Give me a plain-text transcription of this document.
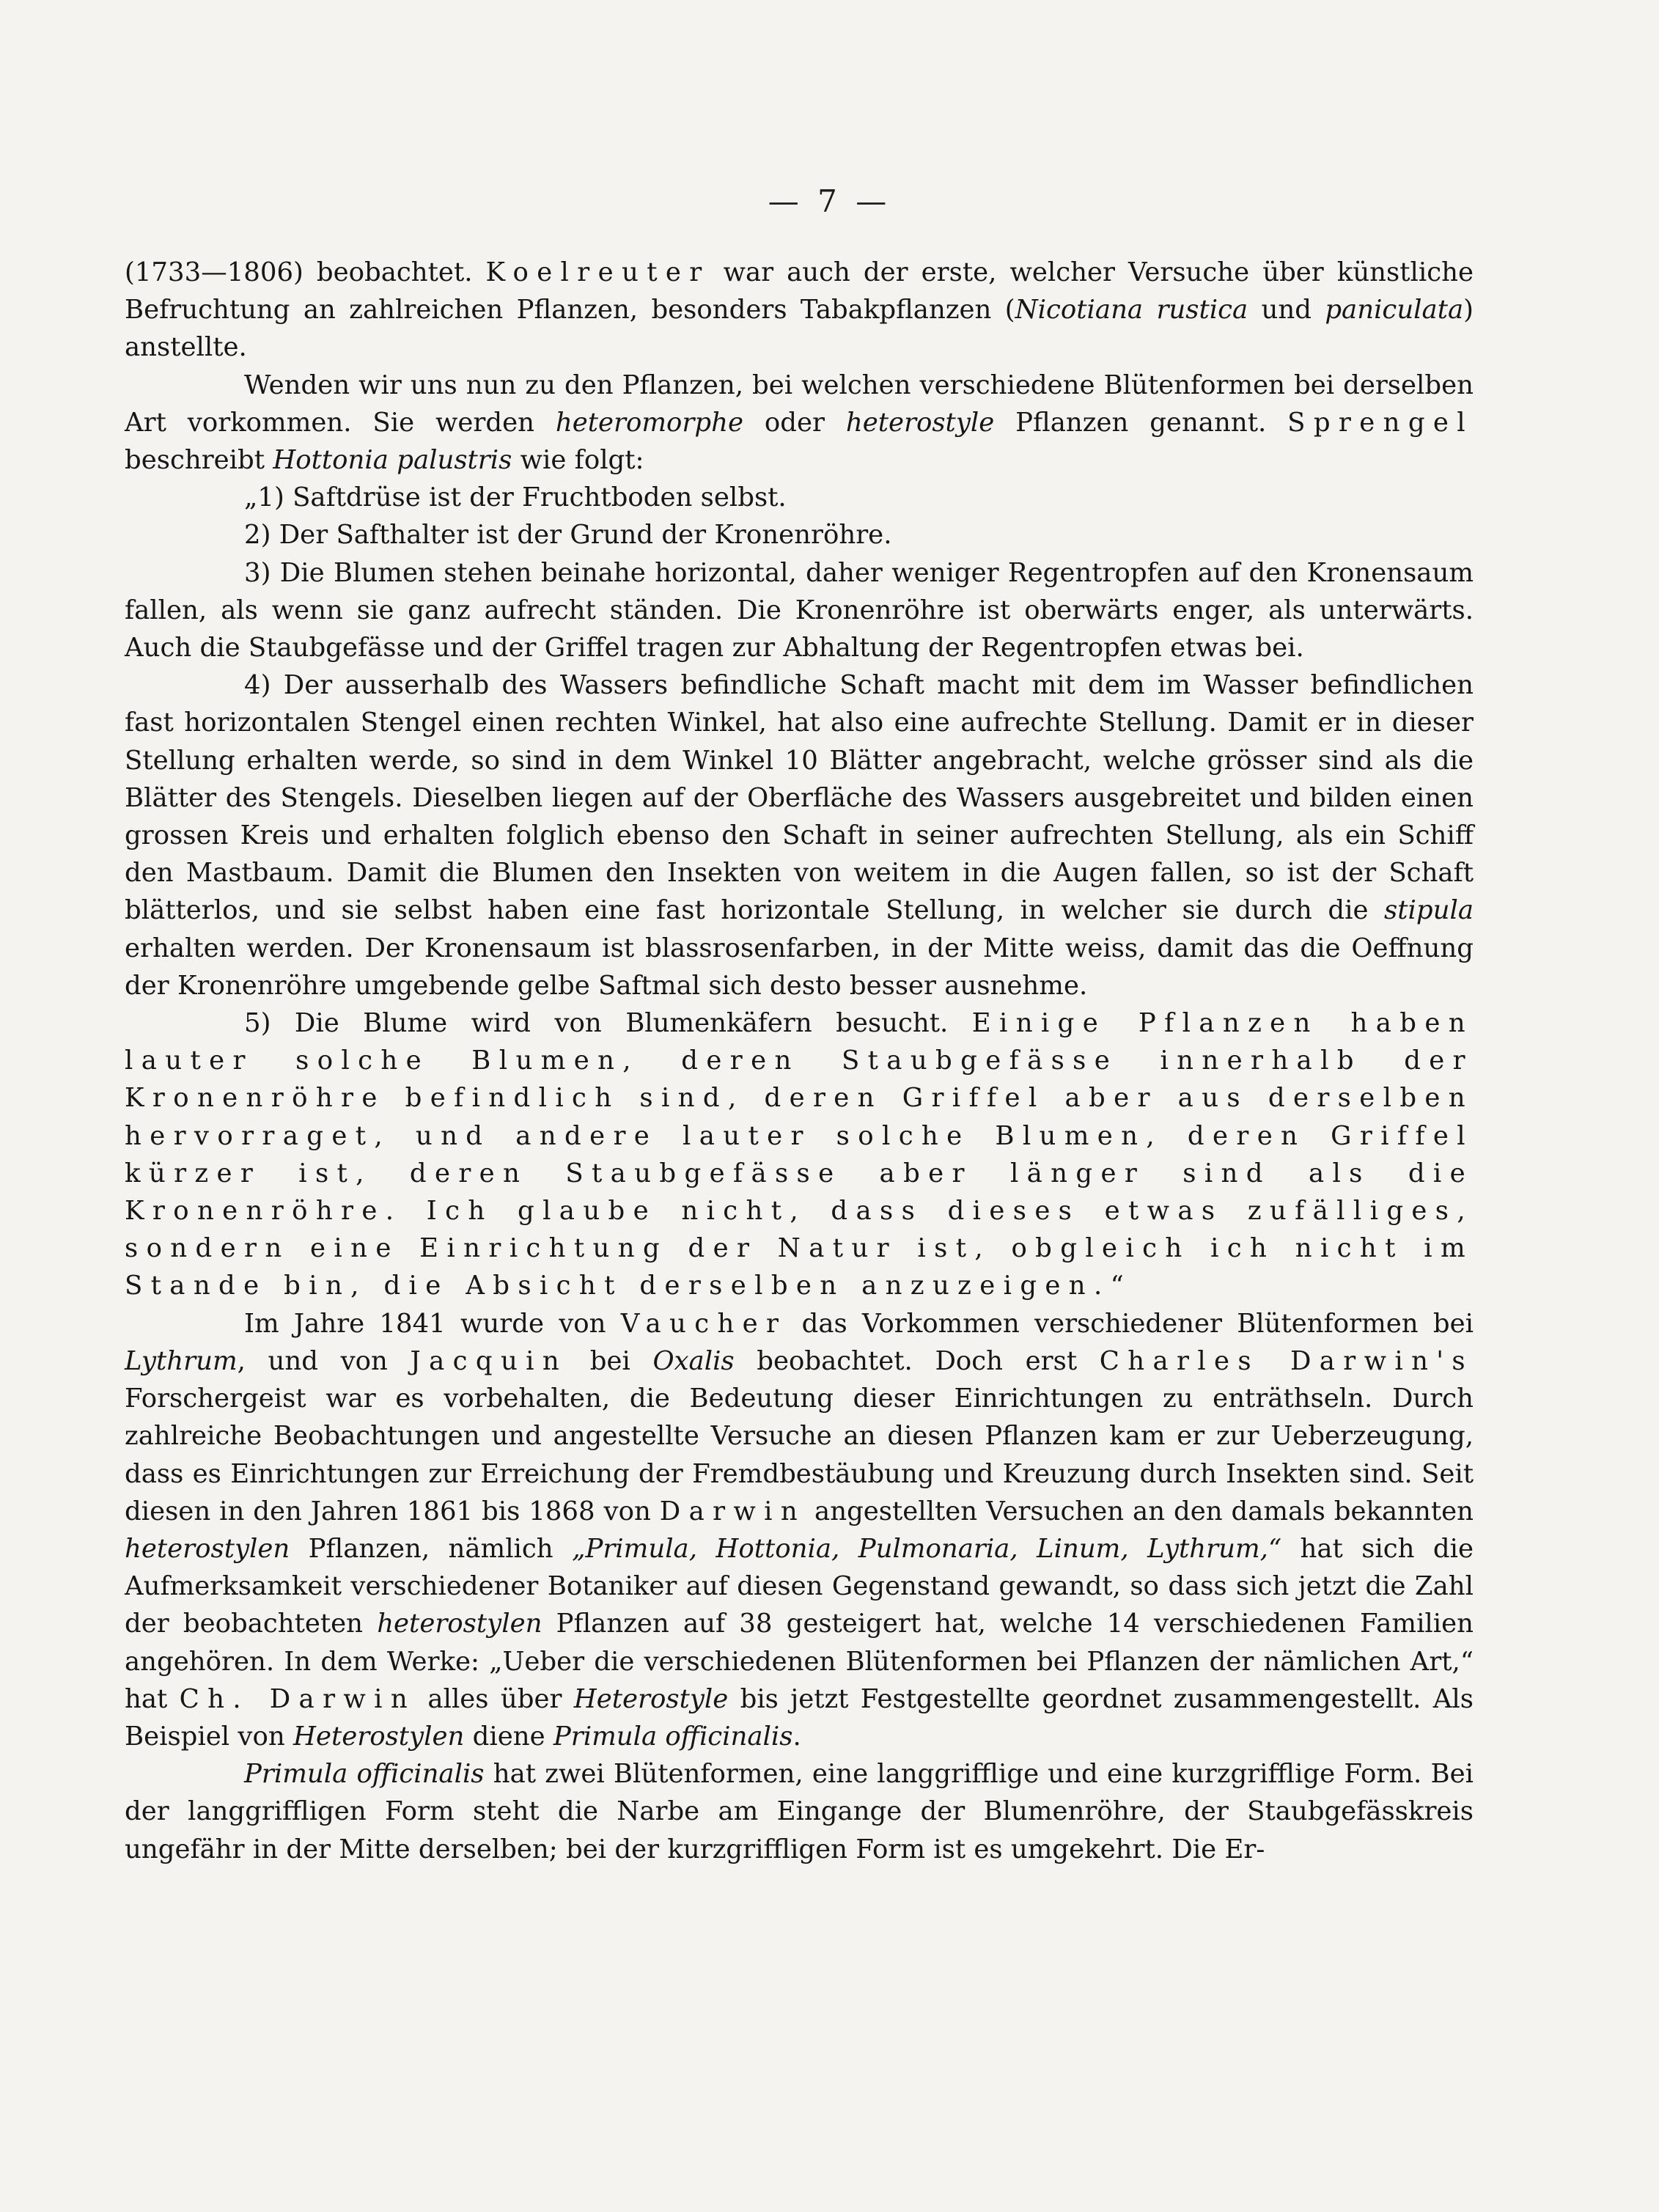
— 7 —

(1733—1806) beobachtet. Koelreuter war auch der erste, welcher Versuche über künstliche Befruchtung an zahlreichen Pflanzen, besonders Tabakpflanzen (Nicotiana rustica und paniculata) anstellte.

Wenden wir uns nun zu den Pflanzen, bei welchen verschiedene Blütenformen bei derselben Art vorkommen. Sie werden heteromorphe oder heterostyle Pflanzen genannt. Sprengel beschreibt Hottonia palustris wie folgt:

„1) Saftdrüse ist der Fruchtboden selbst.

2) Der Safthalter ist der Grund der Kronenröhre.

3) Die Blumen stehen beinahe horizontal, daher weniger Regentropfen auf den Kronensaum fallen, als wenn sie ganz aufrecht ständen. Die Kronenröhre ist oberwärts enger, als unterwärts. Auch die Staubgefässe und der Griffel tragen zur Abhaltung der Regentropfen etwas bei.

4) Der ausserhalb des Wassers befindliche Schaft macht mit dem im Wasser befindlichen fast horizontalen Stengel einen rechten Winkel, hat also eine aufrechte Stellung. Damit er in dieser Stellung erhalten werde, so sind in dem Winkel 10 Blätter angebracht, welche grösser sind als die Blätter des Stengels. Dieselben liegen auf der Oberfläche des Wassers ausgebreitet und bilden einen grossen Kreis und erhalten folglich ebenso den Schaft in seiner aufrechten Stellung, als ein Schiff den Mastbaum. Damit die Blumen den Insekten von weitem in die Augen fallen, so ist der Schaft blätterlos, und sie selbst haben eine fast horizontale Stellung, in welcher sie durch die stipula erhalten werden. Der Kronensaum ist blassrosenfarben, in der Mitte weiss, damit das die Oeffnung der Kronenröhre umgebende gelbe Saftmal sich desto besser ausnehme.

5) Die Blume wird von Blumenkäfern besucht. Einige Pflanzen haben lauter solche Blumen, deren Staubgefässe innerhalb der Kronenröhre befindlich sind, deren Griffel aber aus derselben hervorraget, und andere lauter solche Blumen, deren Griffel kürzer ist, deren Staubgefässe aber länger sind als die Kronenröhre. Ich glaube nicht, dass dieses etwas zufälliges, sondern eine Einrichtung der Natur ist, obgleich ich nicht im Stande bin, die Absicht derselben anzuzeigen.“

Im Jahre 1841 wurde von Vaucher das Vorkommen verschiedener Blütenformen bei Lythrum, und von Jacquin bei Oxalis beobachtet. Doch erst Charles Darwin's Forschergeist war es vorbehalten, die Bedeutung dieser Einrichtungen zu enträthseln. Durch zahlreiche Beobachtungen und angestellte Versuche an diesen Pflanzen kam er zur Ueberzeugung, dass es Einrichtungen zur Erreichung der Fremdbestäubung und Kreuzung durch Insekten sind. Seit diesen in den Jahren 1861 bis 1868 von Darwin angestellten Versuchen an den damals bekannten heterostylen Pflanzen, nämlich „Primula, Hottonia, Pulmonaria, Linum, Lythrum,“ hat sich die Aufmerksamkeit verschiedener Botaniker auf diesen Gegenstand gewandt, so dass sich jetzt die Zahl der beobachteten heterostylen Pflanzen auf 38 gesteigert hat, welche 14 verschiedenen Familien angehören. In dem Werke: „Ueber die verschiedenen Blütenformen bei Pflanzen der nämlichen Art,“ hat Ch. Darwin alles über Heterostyle bis jetzt Festgestellte geordnet zusammengestellt. Als Beispiel von Heterostylen diene Primula officinalis.

Primula officinalis hat zwei Blütenformen, eine langgrifflige und eine kurzgrifflige Form. Bei der langgriffligen Form steht die Narbe am Eingange der Blumenröhre, der Staubgefässkreis ungefähr in der Mitte derselben; bei der kurzgriffligen Form ist es umgekehrt. Die Er-
